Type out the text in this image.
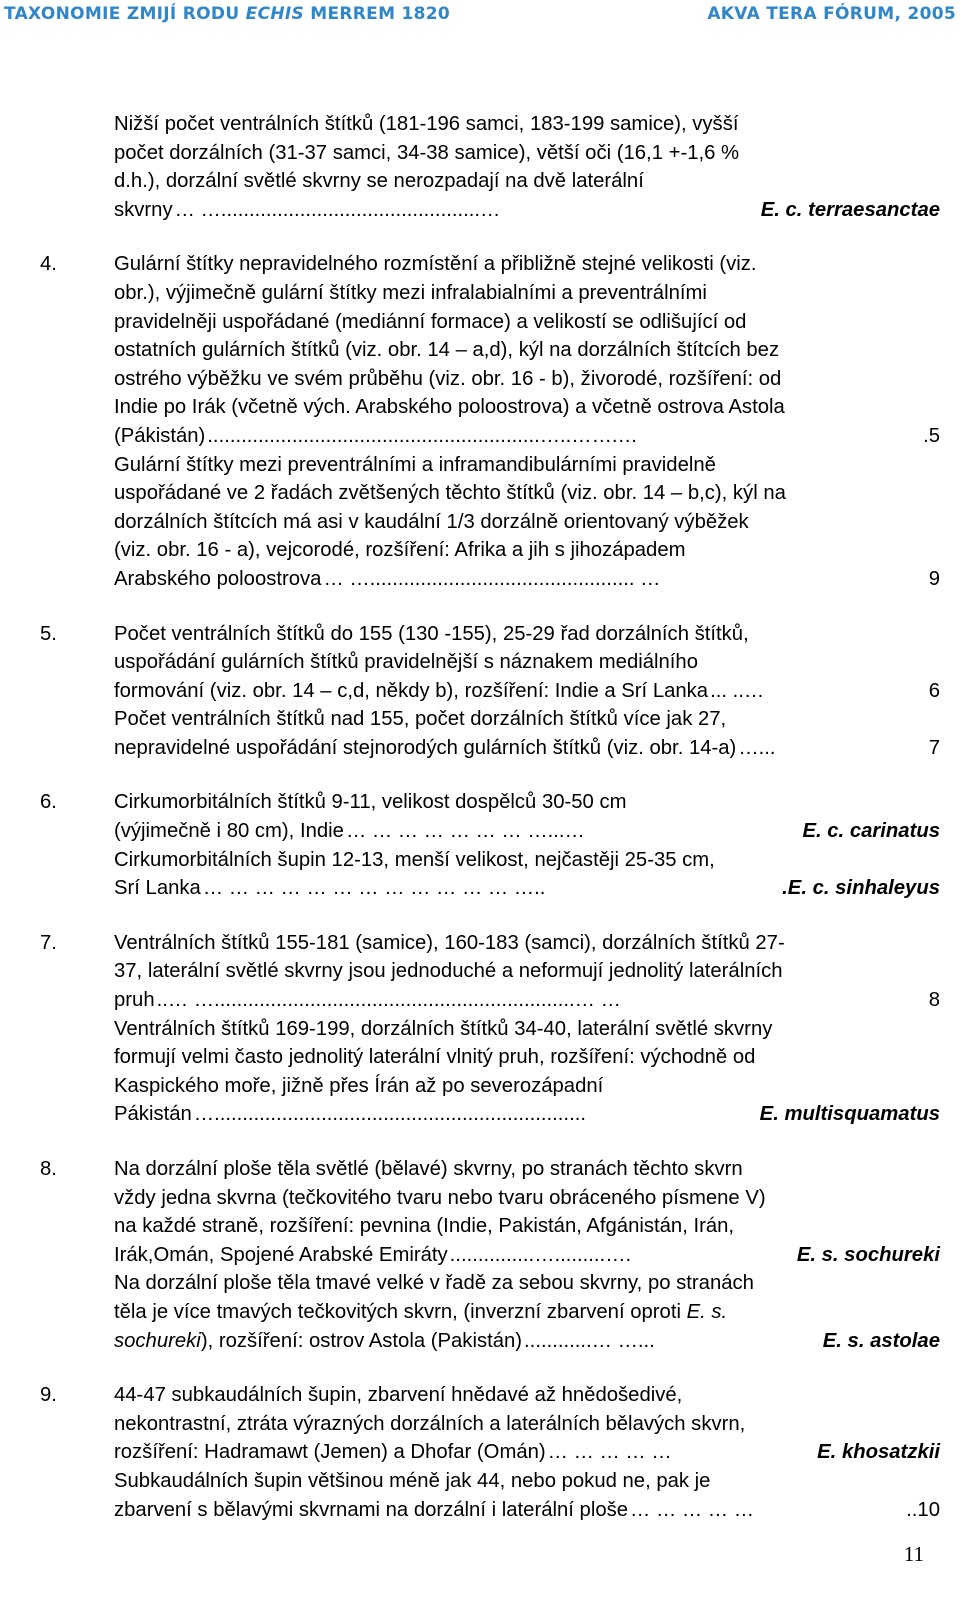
TAXONOMIE ZMIJÍ RODU ECHIS MERREM 1820	AKVA TERA FÓRUM, 2005

Nižší počet ventrálních štítků (181-196 samci, 183-199 samice), vyšší

počet dorzálních (31-37 samci, 34-38 samice), větší oči (16,1 +-1,6 %

d.h.), dorzální světlé skvrny se nerozpadají na dvě laterální

skvrny … …..............................................…	E. c. terraesanctae
4.	Gulární štítky nepravidelného rozmístění a přibližně stejné velikosti (viz.

obr.), výjimečně gulární štítky mezi infralabialními a preventrálními

pravidelněji uspořádané (mediánní formace) a velikostí se odlišující od

ostatních gulárních štítků (viz. obr. 14 – a,d), kýl na dorzálních štítcích bez

ostrého výběžku ve svém průběhu (viz. obr. 16 - b), živorodé, rozšíření: od

Indie po Irák (včetně vých. Arabského poloostrova) a včetně ostrova Astola

(Pákistán) ...........................................................…..…….…	.5

Gulární štítky mezi preventrálními a inframandibulárními pravidelně

uspořádané ve 2 řadách zvětšených těchto štítků (viz. obr. 14 – b,c), kýl na

dorzálních štítcích má asi v kaudální 1/3 dorzálně orientovaný výběžek

(viz. obr. 16 - a), vejcorodé, rozšíření: Afrika a jih s jihozápadem

Arabského poloostrova … …............................................... …	9
5.	Počet ventrálních štítků do 155 (130 -155), 25-29 řad dorzálních štítků,

uspořádání gulárních štítků pravidelnější s náznakem mediálního

formování (viz. obr. 14 – c,d, někdy b), rozšíření: Indie a Srí Lanka ... ..…	6

Počet ventrálních štítků nad 155, počet dorzálních štítků více jak 27,

nepravidelné uspořádání stejnorodých gulárních štítků (viz. obr. 14-a) …...	7
6.	Cirkumorbitálních štítků 9-11, velikost dospělců 30-50 cm

(výjimečně i 80 cm), Indie … … … … … … … …...…	E. c. carinatus

Cirkumorbitálních šupin 12-13, menší velikost, nejčastěji 25-35 cm,

Srí Lanka … … … … … … … … … … … … …..	.E. c. sinhaleyus
7.	Ventrálních štítků 155-181 (samice), 160-183 (samci), dorzálních štítků 27-

37, laterální světlé skvrny jsou jednoduché a neformují jednolitý laterálních

pruh ..… …................................................................… …	8

Ventrálních štítků 169-199, dorzálních štítků 34-40, laterální světlé skvrny

formují velmi často jednolitý laterální vlnitý pruh, rozšíření: východně od

Kaspického moře, jižně přes Írán až po severozápadní

Pákistán …..................................................................	E. multisquamatus
8.	Na dorzální ploše těla světlé (bělavé) skvrny, po stranách těchto skvrn

vždy jedna skvrna (tečkovitého tvaru nebo tvaru obráceného písmene V)

na každé straně, rozšíření: pevnina (Indie, Pakistán, Afgánistán, Irán,

Irák,Omán, Spojené Arabské Emiráty ...............….........….	E. s. sochureki

Na dorzální ploše těla tmavé velké v řadě za sebou skvrny, po stranách

těla je více tmavých tečkovitých skvrn, (inverzní zbarvení oproti E. s.

sochureki), rozšíření: ostrov Astola (Pakistán) ............… …...	E. s. astolae
9.	44-47 subkaudálních šupin, zbarvení hnědavé až hnědošedivé,

nekontrastní, ztráta výrazných dorzálních a laterálních bělavých skvrn,

rozšíření: Hadramawt (Jemen) a Dhofar (Omán) … … … … …	E. khosatzkii

Subkaudálních šupin většinou méně jak 44, nebo pokud ne, pak je

zbarvení s bělavými skvrnami na dorzální i laterální ploše … … … … …	..10
11
